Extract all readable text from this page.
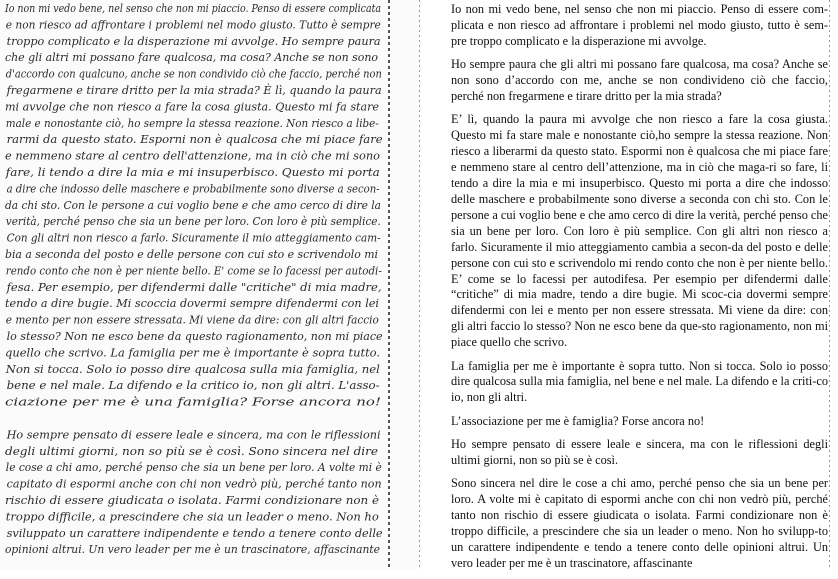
Io non mi vedo bene, nel senso che non mi piaccio. Penso di essere complicata e non riesco ad affrontare i problemi nel modo giusto. Tutto è sempre troppo complicato e la disperazione mi avvolge. Ho sempre paura che gli altri mi possano fare qualcosa, ma cosa? Anche se non sono d'accordo con qualcuno, anche se non condivido ciò che faccio, perché non fregarmene e tirare dritto per la mia strada? È lì, quando la paura mi avvolge che non riesco a fare la cosa giusta. Questo mi fa stare male e nonostante ciò, ho sempre la stessa reazione. Non riesco a libe-rarmi da questo stato. Esporni non è qualcosa che mi piace fare e nemmeno stare al centro dell'attenzione, ma in ciò che mi sono fare, li tendo a dire la mia e mi insuperbisco. Questo mi porta a dire che indosso delle maschere e probabilmente sono diverse a secon-da chi sto. Con le persone a cui voglio bene e che amo cerco di dire la verità, perché penso che sia un bene per loro. Con loro è più semplice. Con gli altri non riesco a farlo. Sicuramente il mio atteggiamento cam-bia a seconda del posto e delle persone con cui sto e scrivendolo mi rendo conto che non è per niente bello. E' come se lo facessi per autodi-fesa. Per esempio, per difendermi dalle "critiche" di mia madre, tendo a dire bugie. Mi scoccia dovermi sempre difendermi con lei e mento per non essere stressata. Mi viene da dire: con gli altri faccio lo stesso? Non ne esco bene da questo ragionamento, non mi piace quello che scrivo. La famiglia per me è importante è sopra tutto. Non si tocca. Solo io posso dire qualcosa sulla mia famiglia, nel bene e nel male. La difendo e la critico io, non gli altri. L'asso-ciazione per me è una famiglia? Forse ancora no! Ho sempre pensato di essere leale e sincera, ma con le riflessioni degli ultimi giorni, non so più se è così. Sono sincera nel dire le cose a chi amo, perché penso che sia un bene per loro. A volte mi è capitato di espormi anche con chi non vedrò più, perché tanto non rischio di essere giudicata o isolata. Farmi condizionare non è troppo difficile, a prescindere che sia un leader o meno. Non ho sviluppato un carattere indipendente e tendo a tenere conto delle opinioni altrui. Un vero leader per me è un trascinatore, affascinante

Io non mi vedo bene, nel senso che non mi piaccio. Penso di essere com-plicata e non riesco ad affrontare i problemi nel modo giusto, tutto è sem-pre troppo complicato e la disperazione mi avvolge.

Ho sempre paura che gli altri mi possano fare qualcosa, ma cosa? Anche se non sono d’accordo con me, anche se non condivideno ciò che faccio, perché non fregarmene e tirare dritto per la mia strada?

E’ lì, quando la paura mi avvolge che non riesco a fare la cosa giusta. Questo mi fa stare male e nonostante ciò,ho sempre la stessa reazione. Non riesco a liberarmi da questo stato. Espormi non è qualcosa che mi piace fare e nemmeno stare al centro dell’attenzione, ma in ciò che maga-ri so fare, li tendo a dire la mia e mi insuperbisco. Questo mi porta a dire che indosso delle maschere e probabilmente sono diverse a seconda con chi sto. Con le persone a cui voglio bene e che amo cerco di dire la verità, perché penso che sia un bene per loro. Con loro è più semplice. Con gli altri non riesco a farlo. Sicuramente il mio atteggiamento cambia a secon-da del posto e delle persone con cui sto e scrivendolo mi rendo conto che non è per niente bello. E’ come se lo facessi per autodifesa. Per esempio per difendermi dalle “critiche” di mia madre, tendo a dire bugie. Mi scoc-cia dovermi sempre difendermi con lei e mento per non essere stressata. Mi viene da dire: con gli altri faccio lo stesso? Non ne esco bene da que-sto ragionamento, non mi piace quello che scrivo.

La famiglia per me è importante è sopra tutto. Non si tocca. Solo io posso dire qualcosa sulla mia famiglia, nel bene e nel male. La difendo e la criti-co io, non gli altri.

L’associazione per me è famiglia? Forse ancora no!

Ho sempre pensato di essere leale e sincera, ma con le riflessioni degli ultimi giorni, non so più se è così.

Sono sincera nel dire le cose a chi amo, perché penso che sia un bene per loro. A volte mi è capitato di espormi anche con chi non vedrò più, perché tanto non rischio di essere giudicata o isolata. Farmi condizionare non è troppo difficile, a prescindere che sia un leader o meno. Non ho svilupp-to un carattere indipendente e tendo a tenere conto delle opinioni altrui. Un vero leader per me è un trascinatore, affascinante
